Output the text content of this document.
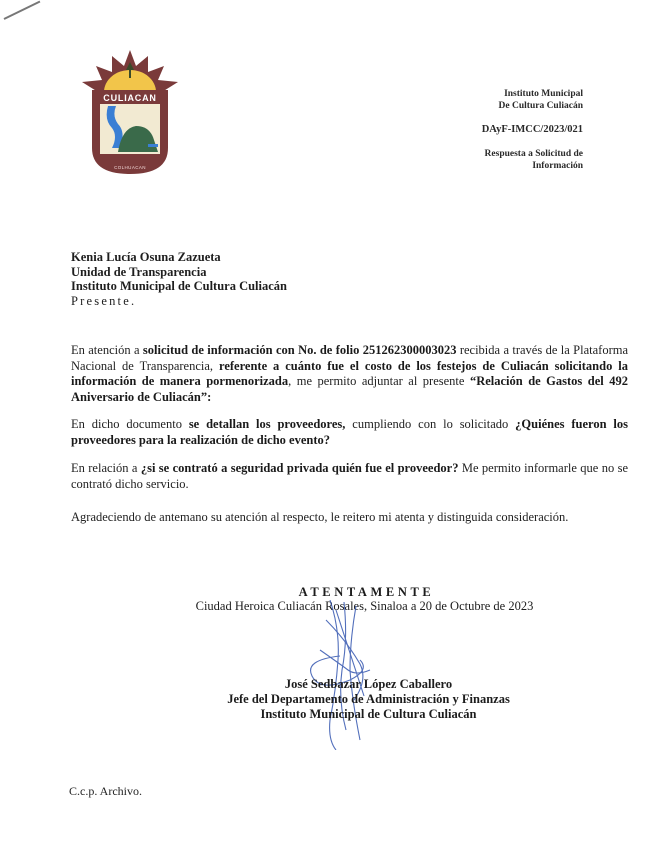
CULIACAN
COLHUACAN
Instituto Municipal
De Cultura Culiacán
DAyF-IMCC/2023/021
Respuesta a Solicitud de
Información
Kenia Lucía Osuna Zazueta
Unidad de Transparencia
Instituto Municipal de Cultura Culiacán
Presente.
En atención a solicitud de información con No. de folio 251262300003023 recibida a través de la Plataforma Nacional de Transparencia, referente a cuánto fue el costo de los festejos de Culiacán solicitando la información de manera pormenorizada, me permito adjuntar al presente “Relación de Gastos del 492 Aniversario de Culiacán”:
En dicho documento se detallan los proveedores, cumpliendo con lo solicitado ¿Quiénes fueron los proveedores para la realización de dicho evento?
En relación a ¿si se contrató a seguridad privada quién fue el proveedor? Me permito informarle que no se contrató dicho servicio.
Agradeciendo de antemano su atención al respecto, le reitero mi atenta y distinguida consideración.
ATENTAMENTE
Ciudad Heroica Culiacán Rosales, Sinaloa a 20 de Octubre de 2023
José Sedbazar López Caballero
Jefe del Departamento de Administración y Finanzas
Instituto Municipal de Cultura Culiacán
C.c.p. Archivo.
